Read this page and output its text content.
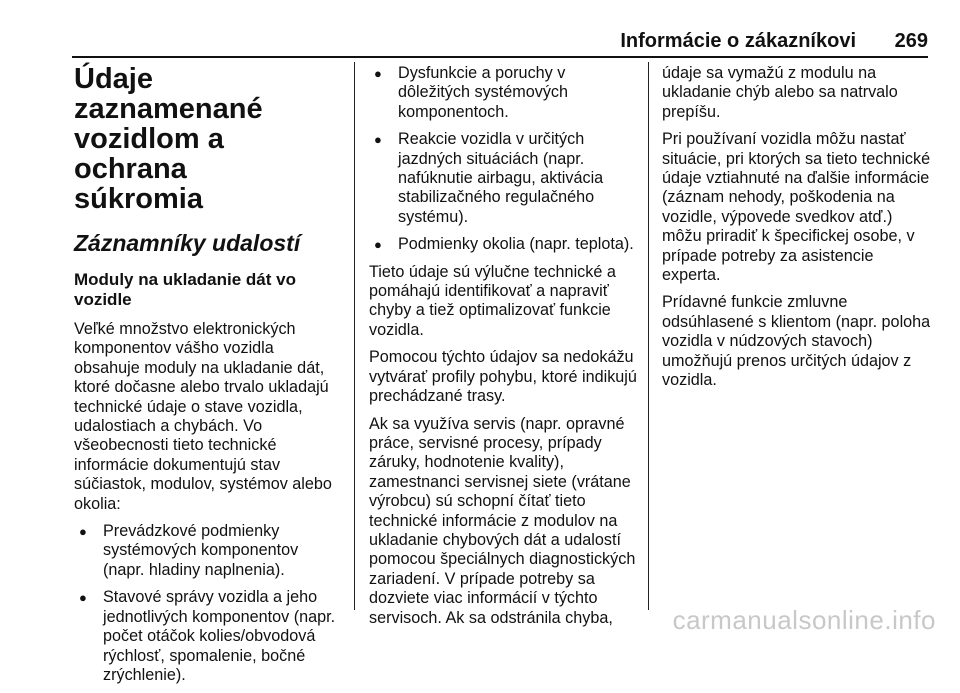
Informácie o zákazníkovi 269
Údaje zaznamenané
vozidlom a ochrana
súkromia
Záznamníky udalostí
Moduly na ukladanie dát vo
vozidle

Veľké množstvo elektronických
komponentov vášho vozidla
obsahuje moduly na ukladanie dát,
ktoré dočasne alebo trvalo ukladajú
technické údaje o stave vozidla,
udalostiach a chybách. Vo
všeobecnosti tieto technické
informácie dokumentujú stav
súčiastok, modulov, systémov alebo
okolia:

● Prevádzkové podmienky
systémových komponentov
(napr. hladiny naplnenia).
● Stavové správy vozidla a jeho
jednotlivých komponentov (napr.
počet otáčok kolies/obvodová
rýchlosť, spomalenie, bočné
zrýchlenie).
● Dysfunkcie a poruchy v
dôležitých systémových
komponentoch.
● Reakcie vozidla v určitých
jazdných situáciách (napr.
nafúknutie airbagu, aktivácia
stabilizačného regulačného
systému).
● Podmienky okolia (napr. teplota).

Tieto údaje sú výlučne technické a
pomáhajú identifikovať a napraviť
chyby a tiež optimalizovať funkcie
vozidla.

Pomocou týchto údajov sa nedokážu
vytvárať profily pohybu, ktoré indikujú
prechádzané trasy.

Ak sa využíva servis (napr. opravné
práce, servisné procesy, prípady
záruky, hodnotenie kvality),
zamestnanci servisnej siete (vrátane
výrobcu) sú schopní čítať tieto
technické informácie z modulov na
ukladanie chybových dát a udalostí
pomocou špeciálnych diagnostických
zariadení. V prípade potreby sa
dozviete viac informácií v týchto
servisoch. Ak sa odstránila chyba,

údaje sa vymažú z modulu na
ukladanie chýb alebo sa natrvalo
prepíšu.

Pri používaní vozidla môžu nastať
situácie, pri ktorých sa tieto technické
údaje vztiahnuté na ďalšie informácie
(záznam nehody, poškodenia na
vozidle, výpovede svedkov atď.)
môžu priradiť k špecifickej osobe, v
prípade potreby za asistencie
experta.

Prídavné funkcie zmluvne
odsúhlasené s klientom (napr. poloha
vozidla v núdzových stavoch)
umožňujú prenos určitých údajov z
vozidla.

carmanualsonline.info
